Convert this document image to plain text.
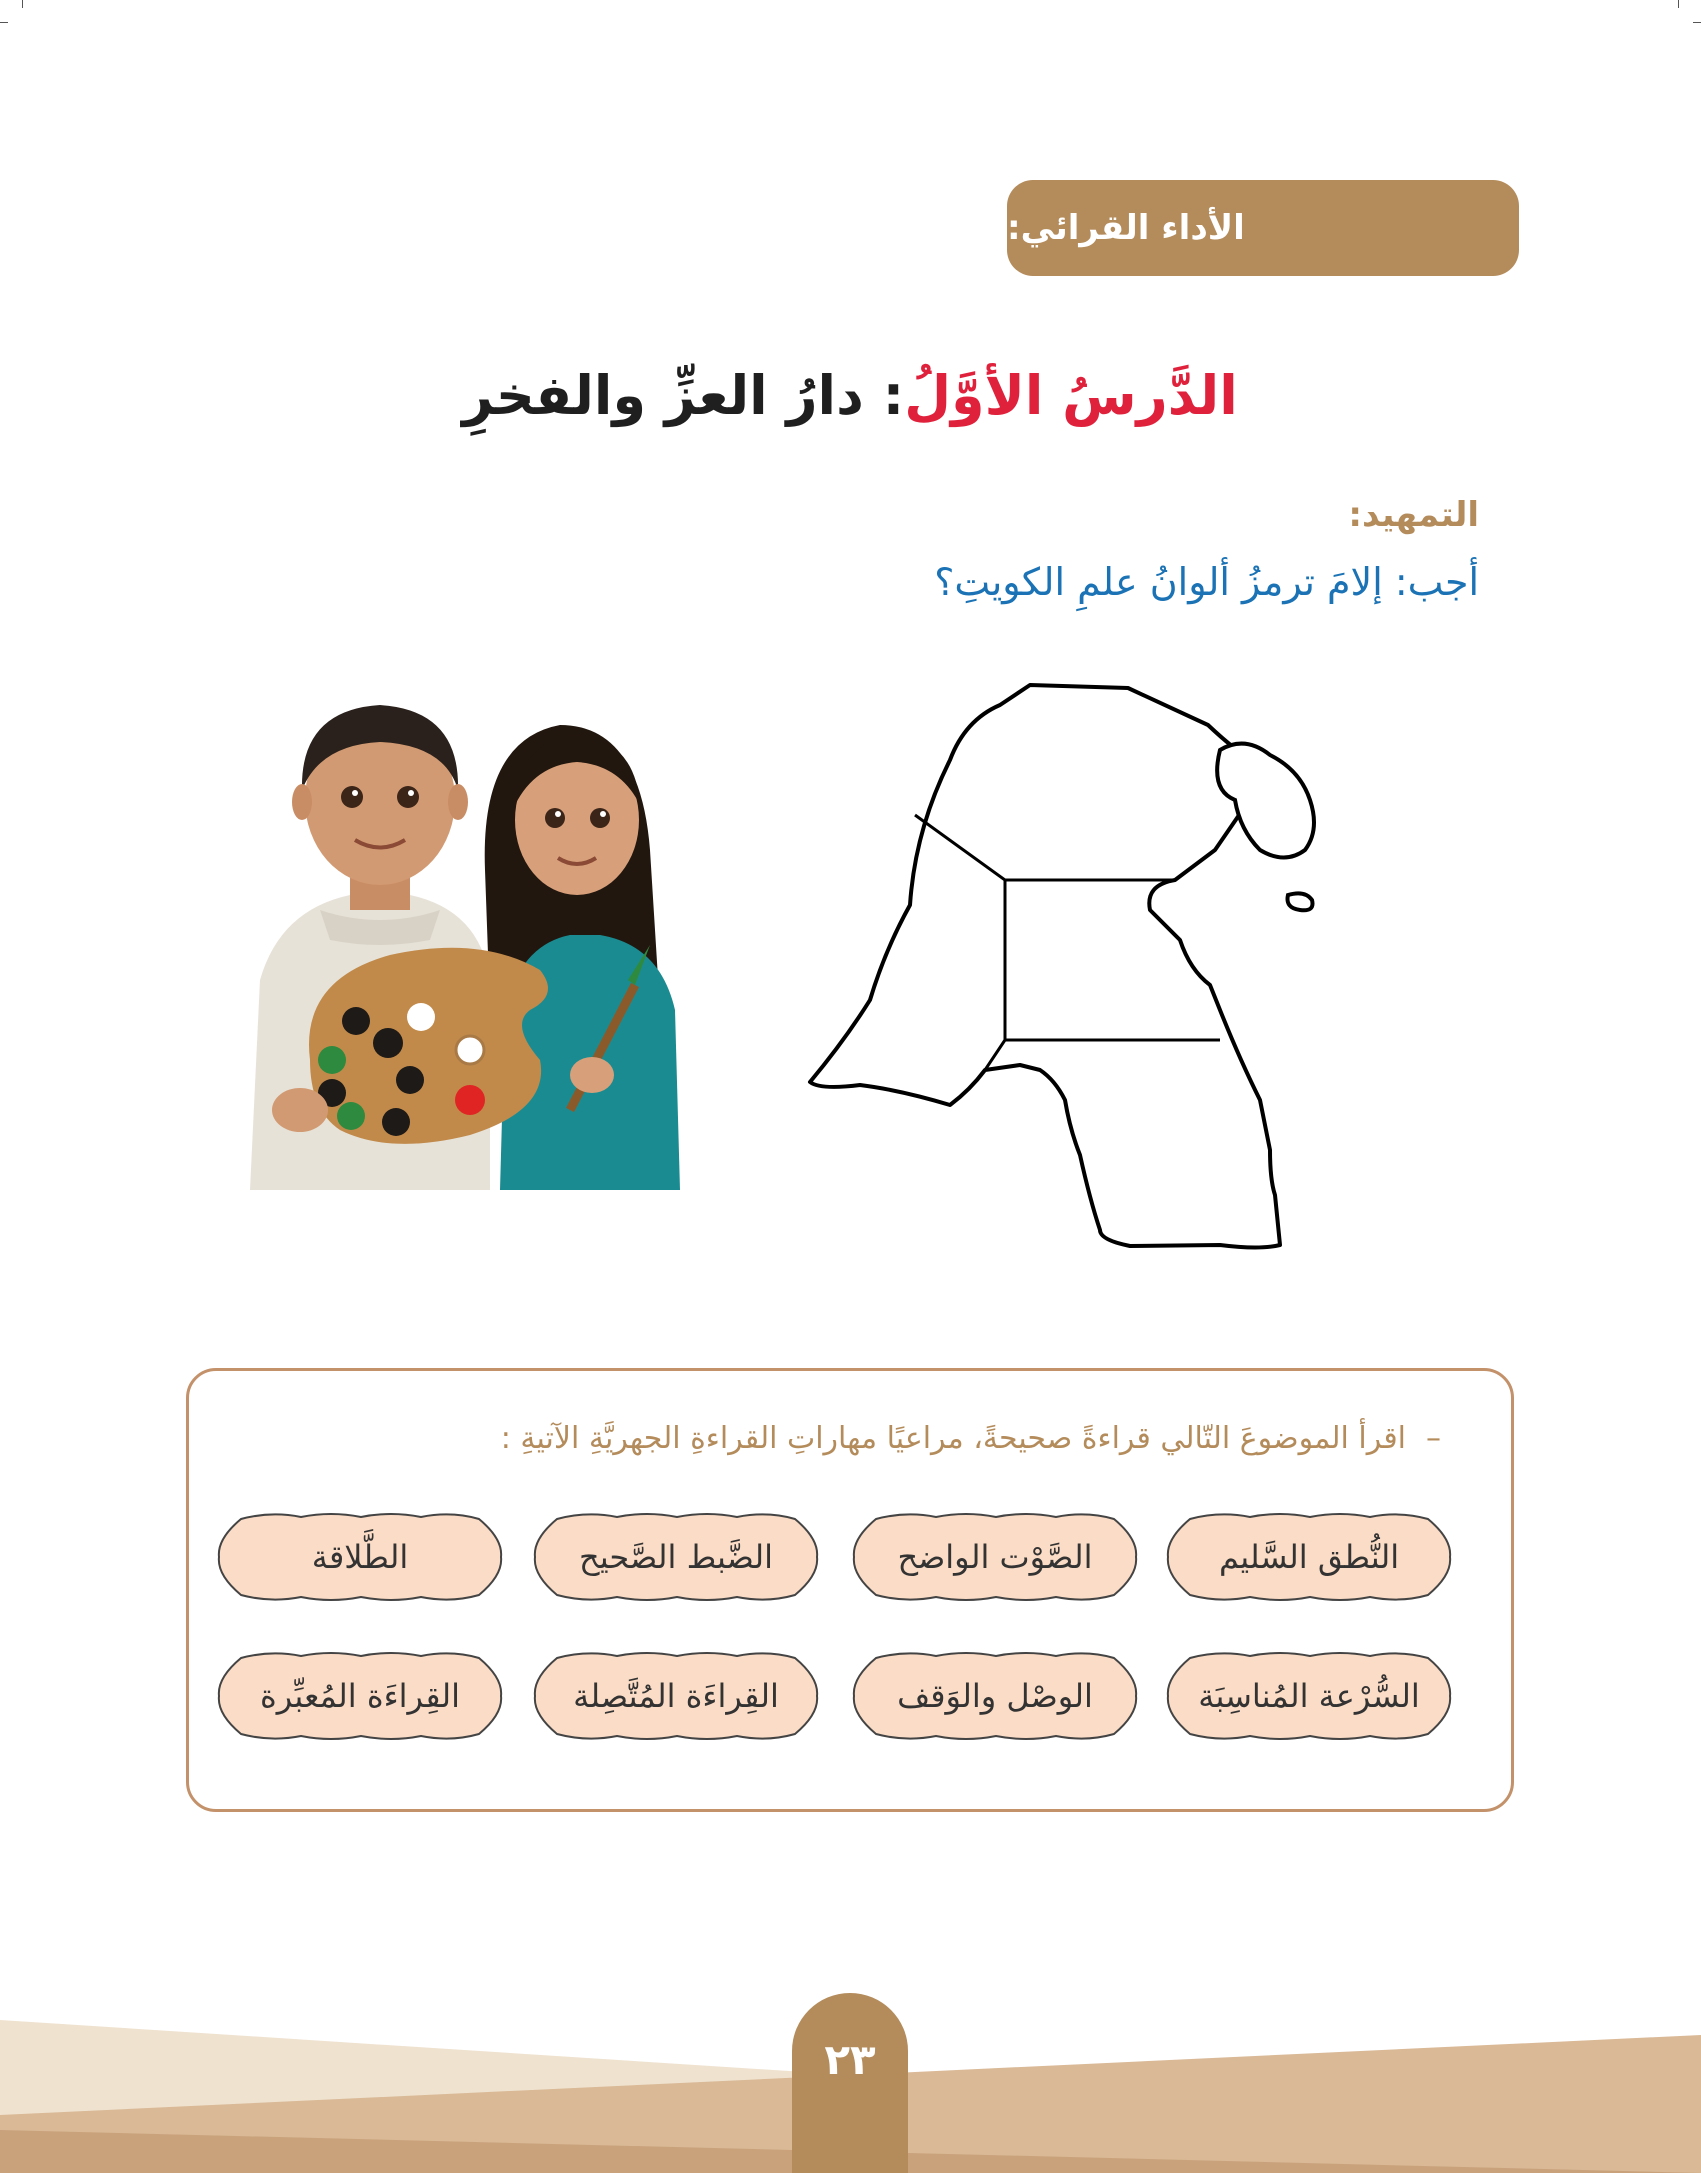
الأداء القرائي:
الدَّرسُ الأوَّلُ
:
دارُ العزِّ والفخرِ
التمهيد:
أجب: إلامَ ترمزُ ألوانُ علمِ الكويتِ؟
–اقرأ الموضوعَ التّالي قراءةً صحيحةً، مراعيًا مهاراتِ القراءةِ الجهريَّةِ الآتيةِ :
النُّطق السَّليم
الصَّوْت الواضح
الضَّبط الصَّحيح
الطَّلاقة
السُّرْعة المُناسِبَة
الوصْل والوَقف
القِراءَة المُتَّصِلة
القِراءَة المُعبِّرة
٢٣
